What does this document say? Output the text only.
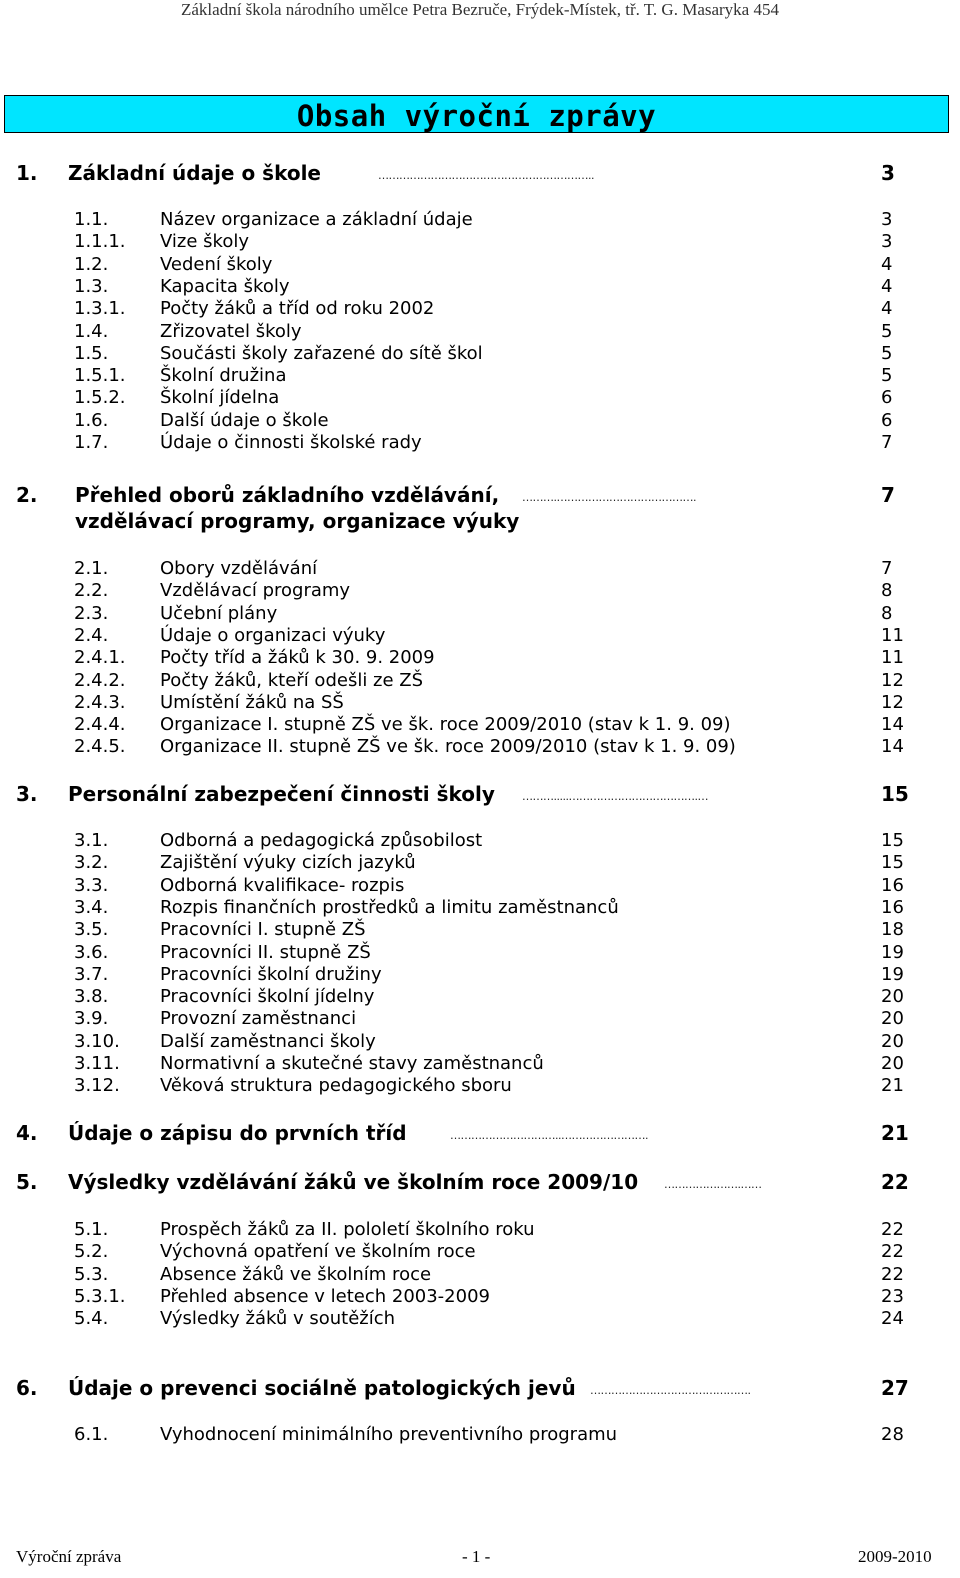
Základní škola národního umělce Petra Bezruče, Frýdek-Místek, tř. T. G. Masaryka 454
Obsah výroční zprávy
1. Základní údaje o škole	……………………………………………………..	3
1.1.	Název organizace a základní údaje	3
1.1.1. Vize školy	3
1.2.	Vedení školy	4
1.3.	Kapacita školy	4
1.3.1. Počty žáků a tříd od roku 2002	4
1.4.	Zřizovatel školy	5
1.5.	Součásti školy zařazené do sítě škol	5
1.5.1. Školní družina	5
1.5.2. Školní jídelna	6
1.6.	Další údaje o škole	6
1.7.	Údaje o činnosti školské rady	7
2. Přehled oborů základního vzdělávání,
vzdělávací programy, organizace výuky
……….………………………………….	7
2.1.	Obory vzdělávání	7
2.2.	Vzdělávací programy	8
2.3.	Učební plány	8
2.4.	Údaje o organizaci výuky	11
2.4.1. Počty tříd a žáků k 30. 9. 2009	11
2.4.2. Počty žáků, kteří odešli ze ZŠ	12
2.4.3. Umístění žáků na SŠ	12
2.4.4. Organizace I. stupně ZŠ ve šk. roce 2009/2010 (stav k 1. 9. 09)	14
2.4.5. Organizace II. stupně ZŠ ve šk. roce 2009/2010 (stav k 1. 9. 09)	14
3. Personální zabezpečení činnosti školy ……….....……………………………….…	15
3.1.	Odborná a pedagogická způsobilost	15
3.2.	Zajištění výuky cizích jazyků	15
3.3.	Odborná kvalifikace- rozpis	16
3.4.	Rozpis finančních prostředků a limitu zaměstnanců	16
3.5.	Pracovníci I. stupně ZŠ	18
3.6.	Pracovníci II. stupně ZŠ	19
3.7.	Pracovníci školní družiny	19
3.8.	Pracovníci školní jídelny	20
3.9.	Provozní zaměstnanci	20
3.10. Další zaměstnanci školy	20
3.11. Normativní a skutečné stavy zaměstnanců	20
3.12. Věková struktura pedagogického sboru	21
4. Údaje o zápisu do prvních tříd	…………………………..…………………….	21
5. Výsledky vzdělávání žáků ve školním roce 2009/10 ………………….……	22
5.1.	Prospěch žáků za II. pololetí školního roku	22
5.2.	Výchovná opatření ve školním roce	22
5.3.	Absence žáků ve školním roce	22
5.3.1. Přehled absence v letech 2003-2009	23
5.4.	Výsledky žáků v soutěžích	24
6. Údaje o prevenci sociálně patologických jevů ……………………………………….	27
6.1.	Vyhodnocení minimálního preventivního programu	28
Výroční zpráva	- 1 -	2009-2010
